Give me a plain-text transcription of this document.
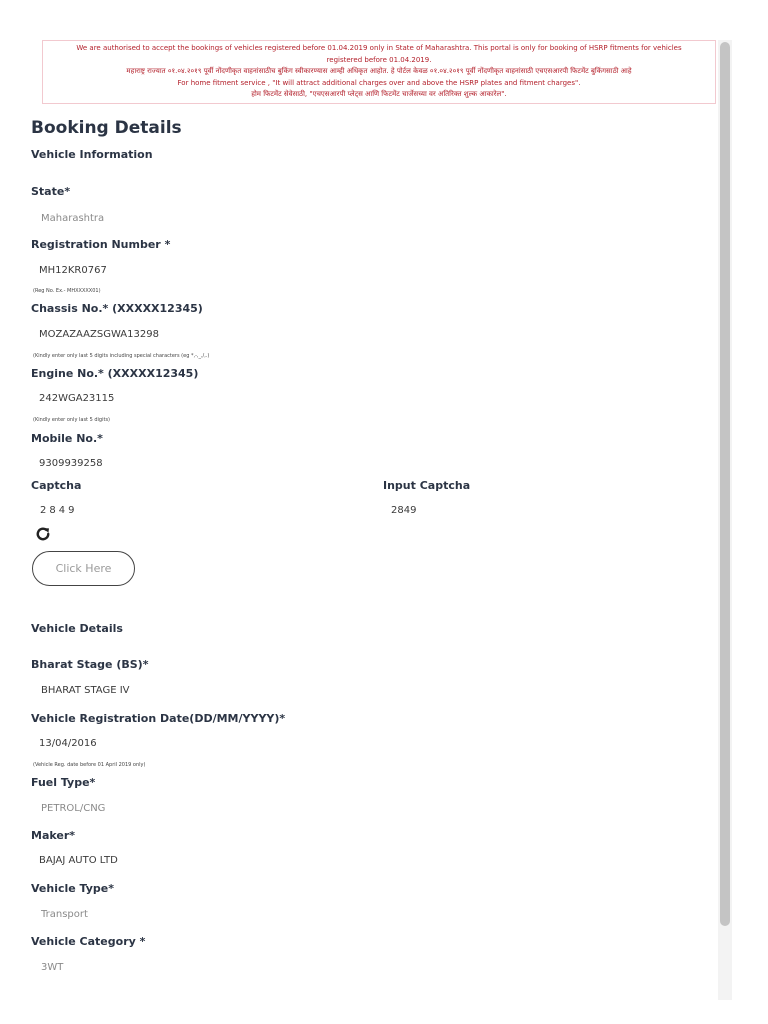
We are authorised to accept the bookings of vehicles registered before 01.04.2019 only in State of Maharashtra. This portal is only for booking of HSRP fitments for vehicles
registered before 01.04.2019.
महाराष्ट्र राज्यात ०१.०४.२०१९ पूर्वी नोंदणीकृत वाहनांसाठीच बुकिंग स्वीकारण्यास आम्ही अधिकृत आहोत. हे पोर्टल केवळ ०१.०४.२०१९ पूर्वी नोंदणीकृत वाहनांसाठी एचएसआरपी फिटमेंट बुकिंगसाठी आहे
For home fitment service , "It will attract additional charges over and above the HSRP plates and fitment charges".
होम फिटमेंट सेवेसाठी, "एचएसआरपी प्लेट्स आणि फिटमेंट चार्जेसच्या वर अतिरिक्त शुल्क आकारेल".
Booking Details
Vehicle Information
State*
Maharashtra
Registration Number *
MH12KR0767
(Reg No. Ex.- MHXXXXX01)
Chassis No.* (XXXXX12345)
MOZAZAAZSGWA13298
(Kindly enter only last 5 digits including special characters (eg *,-,_,/,.)
Engine No.* (XXXXX12345)
242WGA23115
(Kindly enter only last 5 digits)
Mobile No.*
9309939258
Captcha
2849
Input Captcha
2849
Click Here
Vehicle Details
Bharat Stage (BS)*
BHARAT STAGE IV
Vehicle Registration Date(DD/MM/YYYY)*
13/04/2016
(Vehicle Reg. date before 01 April 2019 only)
Fuel Type*
PETROL/CNG
Maker*
BAJAJ AUTO LTD
Vehicle Type*
Transport
Vehicle Category *
3WT
